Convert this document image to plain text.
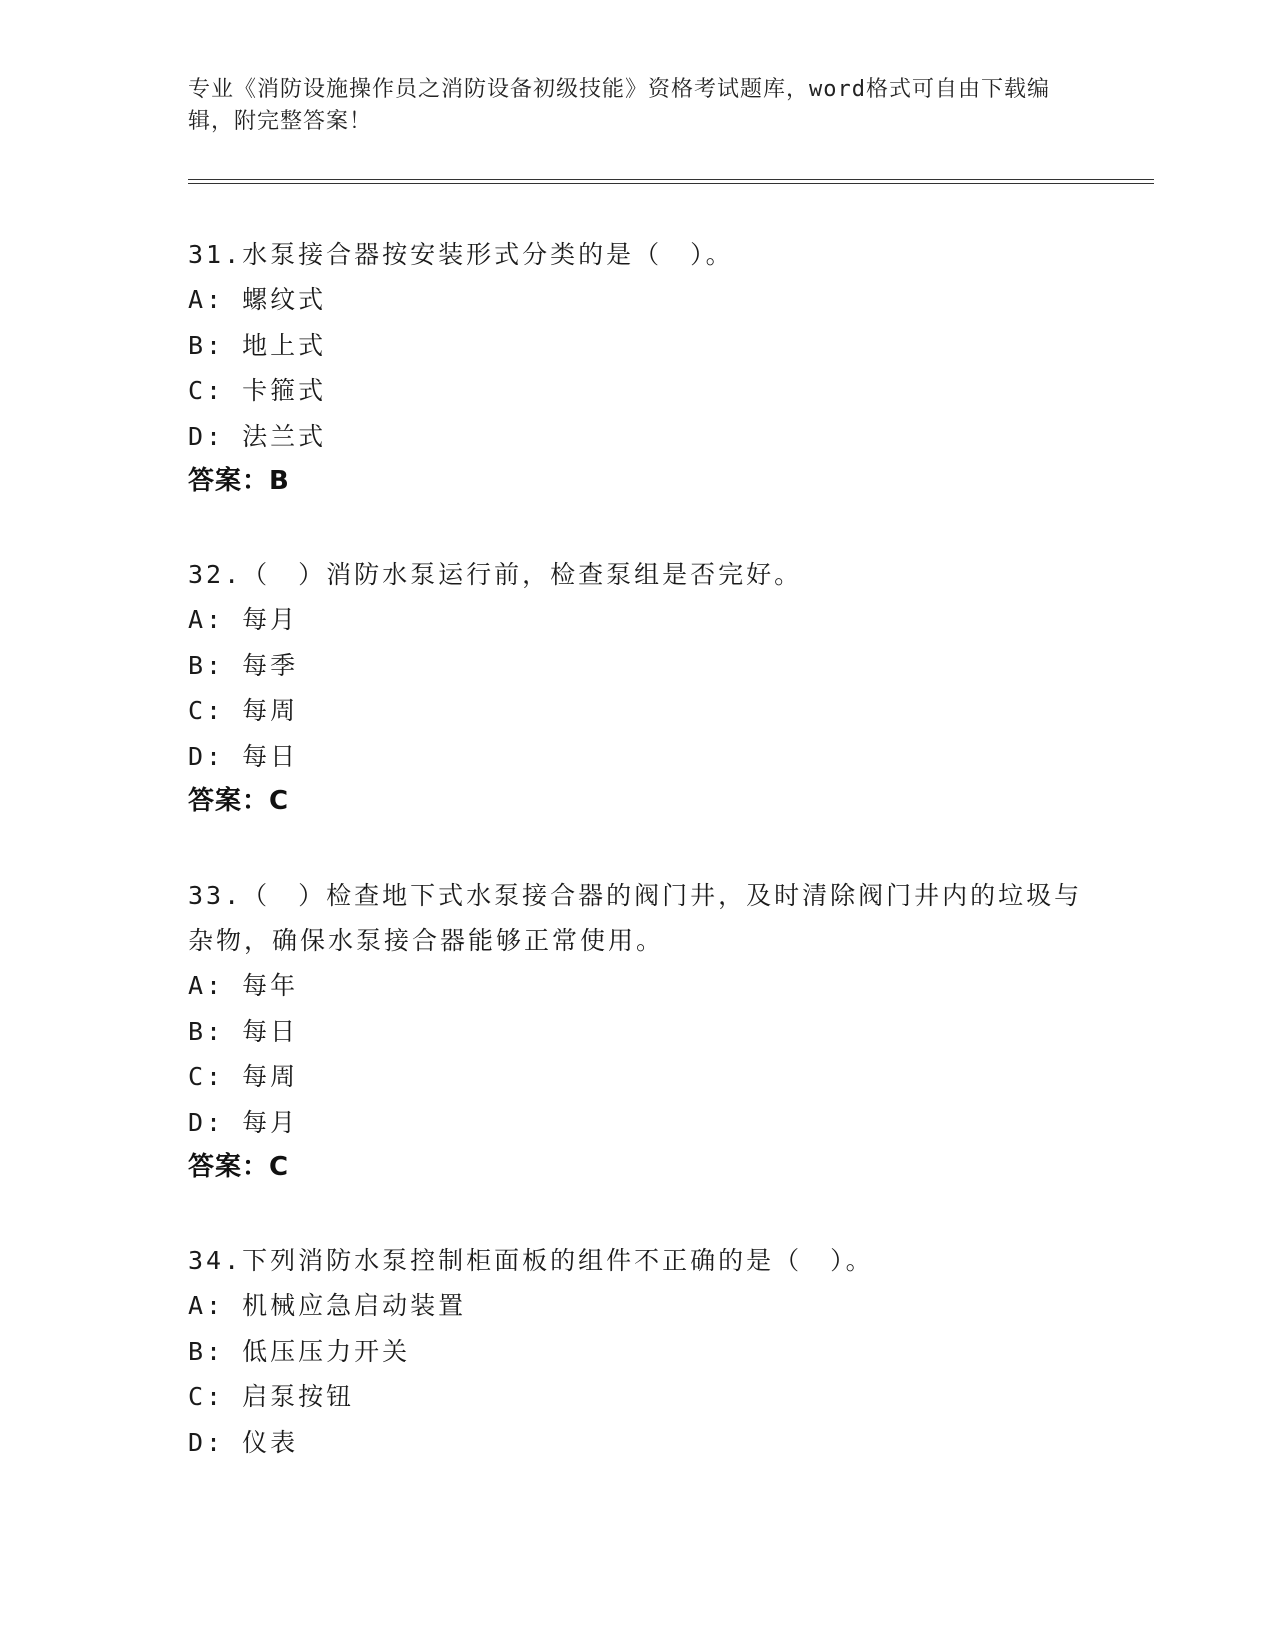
专业《消防设施操作员之消防设备初级技能》资格考试题库，word格式可自由下载编辑，附完整答案！

31.水泵接合器按安装形式分类的是（　）。

A: 螺纹式

B: 地上式

C: 卡箍式

D: 法兰式

答案：B

32.（　）消防水泵运行前，检查泵组是否完好。

A: 每月

B: 每季

C: 每周

D: 每日

答案：C

33.（　）检查地下式水泵接合器的阀门井，及时清除阀门井内的垃圾与杂物，确保水泵接合器能够正常使用。

A: 每年

B: 每日

C: 每周

D: 每月

答案：C

34.下列消防水泵控制柜面板的组件不正确的是（　）。

A: 机械应急启动装置

B: 低压压力开关

C: 启泵按钮

D: 仪表
